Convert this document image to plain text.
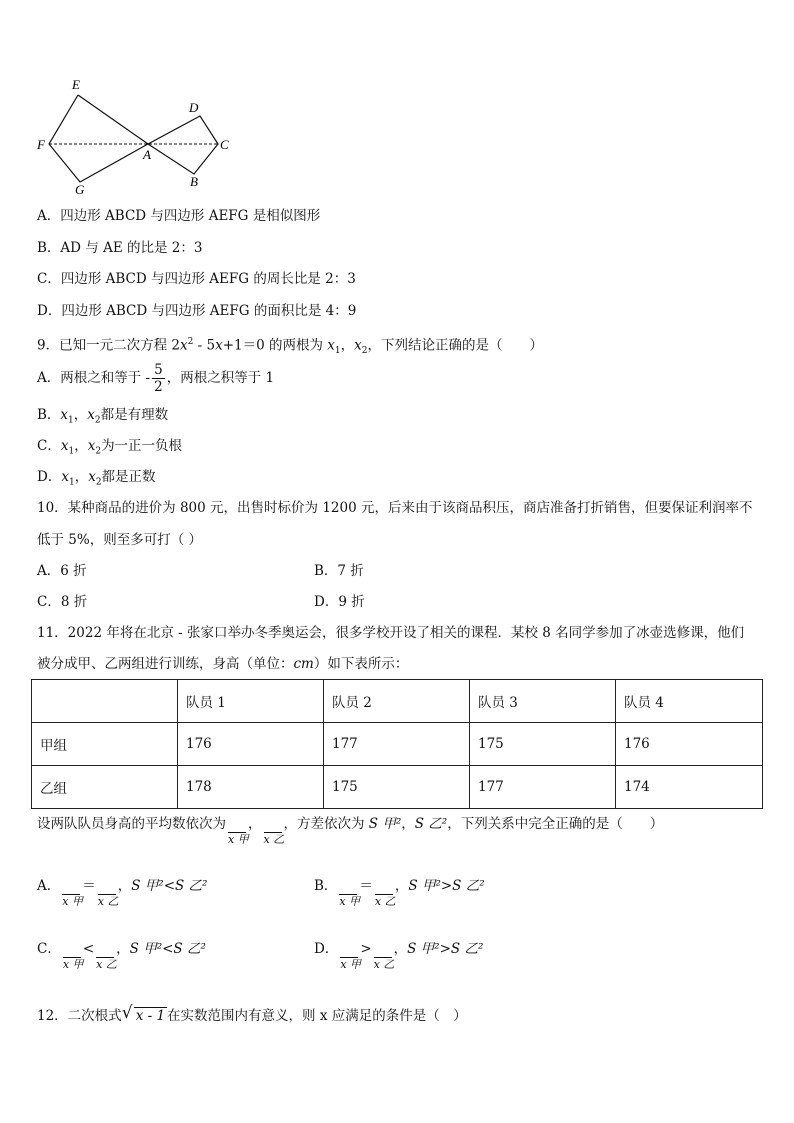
E
D
F
A
C
G
B
A．四边形 ABCD 与四边形 AEFG 是相似图形
B．AD 与 AE 的比是 2：3
C．四边形 ABCD 与四边形 AEFG 的周长比是 2：3
D．四边形 ABCD 与四边形 AEFG 的面积比是 4：9
9．已知一元二次方程 $2x^2 - 5x+1=0$ 的两根为 $x_1$，$x_2$，下列结论正确的是（　　）
A．两根之和等于 - $\frac{5}{2}$ ，两根之积等于 1
B．$x_1$，$x_2$都是有理数
C．$x_1$，$x_2$为一正一负根
D．$x_1$，$x_2$都是正数
10．某种商品的进价为 800 元，出售时标价为 1200 元，后来由于该商品积压，商店准备打折销售，但要保证利润率不
低于 5%，则至多可打（ ）
A．6 折	B．7 折
C．8 折	D．9 折
11．2022 年将在北京 - 张家口举办冬季奥运会，很多学校开设了相关的课程．某校 8 名同学参加了冰壶选修课，他们
被分成甲、乙两组进行训练，身高（单位：cm）如下表所示：
	队员 1	队员 2	队员 3	队员 4
甲组	176	177	175	176
乙组	178	175	177	174
设两队队员身高的平均数依次为
x 甲
，
x 乙
，方差依次为 S 甲²，S 乙²，下列关系中完全正确的是（　　）
A．
x 甲
＝
x 乙
，S 甲²<S 乙²	B．
x 甲
＝
x 乙
，S 甲²>S 乙²
C．
x 甲
<
x 乙
，S 甲²<S 乙²	D．
x 甲
>
x 乙
，S 甲²>S 乙²
12．二次根式 √ x - 1 在实数范围内有意义，则 x 应满足的条件是（　）
